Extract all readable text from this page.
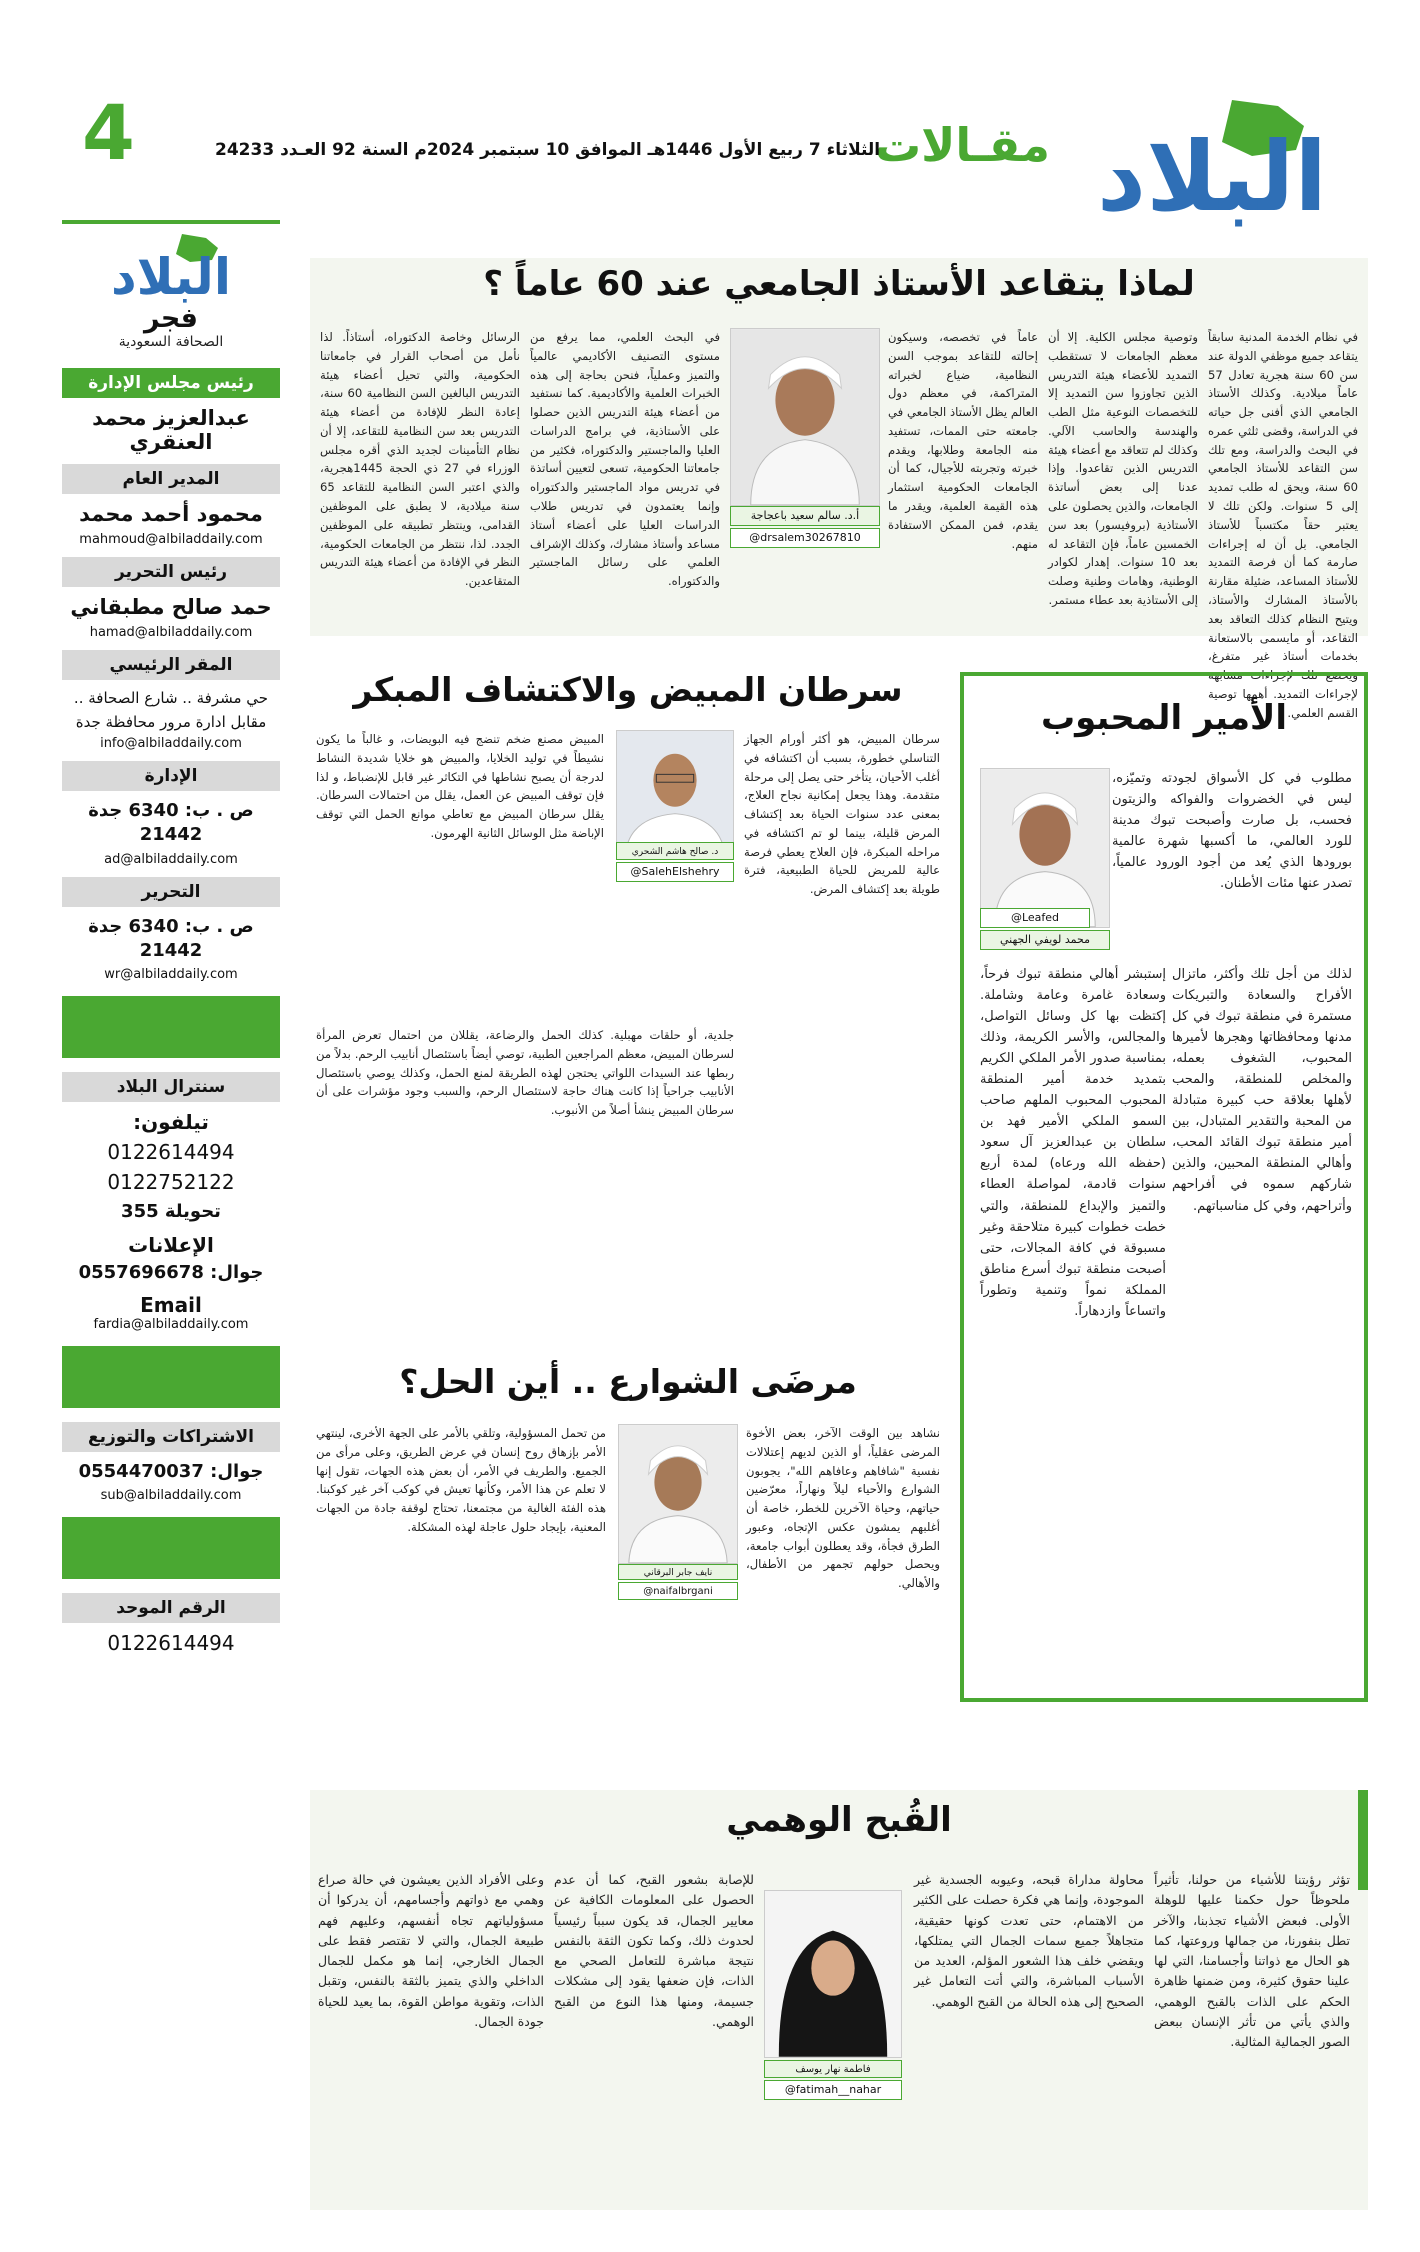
البلاد
مقـالات
الثلاثاء 7 ربيع الأول 1446هـ الموافق 10 سبتمبر 2024م السنة 92 العـدد 24233
4
البلاد
فجر
الصحافة السعودية
رئيس مجلس الإدارة
عبدالعزيز محمد العنقري
المدير العام
محمود أحمد محمد
mahmoud@albiladdaily.com
رئيس التحرير
حمد صالح مطبقاني
hamad@albiladdaily.com
المقر الرئيسي
حي مشرفة .. شارع الصحافة ..
مقابل ادارة مرور محافظة جدة
info@albiladdaily.com
الإدارة
ص . ب: 6340 جدة 21442
ad@albiladdaily.com
التحرير
ص . ب: 6340 جدة 21442
wr@albiladdaily.com
سنترال البلاد
تيلفون:
0122614494
0122752122
تحويلة 355
الإعلانات
جوال: 0557696678
Email
fardia@albiladdaily.com
الاشتراكات والتوزيع
جوال: 0554470037
sub@albiladdaily.com
الرقم الموحد
0122614494
لماذا يتقاعد الأستاذ الجامعي عند 60 عاماً ؟
أ.د. سالم سعيد باعجاجة
@drsalem30267810
في نظام الخدمة المدنية سابقاً يتقاعد جميع موظفي الدولة عند سن 60 سنة هجرية تعادل 57 عاماً ميلادية. وكذلك الأستاذ الجامعي الذي أفنى جل حياته في الدراسة، وقضى ثلثي عمره في البحث والدراسة، ومع تلك سن التقاعد للأستاذ الجامعي 60 سنة، ويحق له طلب تمديد إلى 5 سنوات. ولكن تلك لا يعتبر حقاً مكتسباً للأستاذ الجامعي. بل أن له إجراءات صارمة كما أن فرصة التمديد للأستاذ المساعد، ضئيلة مقارنة بالأستاذ المشارك والأستاذ، ويتيح النظام كذلك التعاقد بعد التقاعد، أو مايسمى بالاستعانة بخدمات أستاذ غير متفرغ، ويخضع تلك لإجراءات مشابهة لإجراءات التمديد. أهمها توصية القسم العلمي.
وتوصية مجلس الكلية. إلا أن معظم الجامعات لا تستقطب التمديد للأعضاء هيئة التدريس الذين تجاوزوا سن التمديد إلا للتخصصات النوعية مثل الطب والهندسة والحاسب الآلي. وكذلك لم تتعاقد مع أعضاء هيئة التدريس الذين تقاعدوا. وإذا عدنا إلى بعض أساتذة الجامعات، والذين يحصلون على الأستاذية (بروفيسور) بعد سن الخمسين عاماً، فإن التقاعد له بعد 10 سنوات. إهدار لكوادر الوطنية، وهامات وطنية وصلت إلى الأستاذية بعد عطاء مستمر.
عاماً في تخصصه، وسيكون إحالته للتقاعد بموجب السن النظامية، ضياع لخبراته المتراكمة، في معظم دول العالم يظل الأستاذ الجامعي في جامعته حتى الممات، تستفيد منه الجامعة وطلابها، ويقدم خبرته وتجربته للأجيال، كما أن الجامعات الحكومية استثمار هذه القيمة العلمية، ويقدر ما يقدم، فمن الممكن الاستفادة منهم.
في البحث العلمي، مما يرفع من مستوى التصنيف الأكاديمي عالمياً والتميز وعملياً، فنحن بحاجة إلى هذه الخبرات العلمية والأكاديمية. كما نستفيد من أعضاء هيئة التدريس الذين حصلوا على الأستاذية، في برامج الدراسات العليا والماجستير والدكتوراه، فكثير من جامعاتنا الحكومية، تسعى لتعيين أساتذة في تدريس مواد الماجستير والدكتوراه وإنما يعتمدون في تدريس طلاب الدراسات العليا على أعضاء أستاذ مساعد وأستاذ مشارك، وكذلك الإشراف العلمي على رسائل الماجستير والدكتوراه.
الرسائل وخاصة الدكتوراه، أستاذاً. لذا نأمل من أصحاب القرار في جامعاتنا الحكومية، والتي تحيل أعضاء هيئة التدريس البالغين السن النظامية 60 سنة، إعادة النظر للإفادة من أعضاء هيئة التدريس بعد سن النظامية للتقاعد، إلا أن نظام التأمينات لجديد الذي أقره مجلس الوزراء في 27 ذي الحجة 1445هجرية، والذي اعتبر السن النظامية للتقاعد 65 سنة ميلادية، لا يطبق على الموظفين القدامى، وينتظر تطبيقه على الموظفين الجدد. لذا، ننتظر من الجامعات الحكومية، النظر في الإفادة من أعضاء هيئة التدريس المتقاعدين.
الأمير المحبوب
محمد لويفي الجهني
@Leafed
مطلوب في كل الأسواق لجودته وتميّزه، ليس في الخضروات والفواكه والزيتون فحسب، بل صارت وأصبحت تبوك مدينة للورد العالمي، ما أكسبها شهرة عالمية بورودها الذي يُعد من أجود الورود عالمياً، تصدر عنها مئات الأطنان.
لذلك من أجل تلك وأكثر، ماتزال الأفراح والسعادة والتبريكات مستمرة في منطقة تبوك في كل مدنها ومحافظاتها وهجرها لأميرها المحبوب، الشغوف بعمله، والمخلص للمنطقة، والمحب لأهلها بعلاقة حب كبيرة متبادلة من المحبة والتقدير المتبادل، بين أمير منطقة تبوك القائد المحب، وأهالي المنطقة المحبين، والذين شاركهم سموه في أفراحهم وأتراحهم، وفي كل مناسباتهم.
إستبشر أهالي منطقة تبوك فرحاً، وسعادة غامرة وعامة وشاملة. إكتظت بها كل وسائل التواصل، والمجالس، والأسر الكريمة، وذلك بمناسبة صدور الأمر الملكي الكريم بتمديد خدمة أمير المنطقة المحبوب المحبوب الملهم صاحب السمو الملكي الأمير فهد بن سلطان بن عبدالعزيز آل سعود (حفظه الله ورعاه) لمدة أربع سنوات قادمة، لمواصلة العطاء والتميز والإبداع للمنطقة، والتي خطت خطوات كبيرة متلاحقة وغير مسبوقة في كافة المجالات، حتى أصبحت منطقة تبوك أسرع مناطق المملكة نمواً وتنمية وتطوراً واتساعاً وازدهاراً.
سرطان المبيض والاكتشاف المبكر
@SalehElshehry
د. صالح هاشم الشحري
سرطان المبيض، هو أكثر أورام الجهاز التناسلي خطورة، بسبب أن اكتشافه في أغلب الأحيان، يتأخر حتى يصل إلى مرحلة متقدمة. وهذا يجعل إمكانية نجاح العلاج، بمعنى عدد سنوات الحياة بعد إكتشاف المرض قليلة، بينما لو تم اكتشافه في مراحله المبكرة، فإن العلاج يعطي فرصة عالية للمريض للحياة الطبيعية، فترة طويلة بعد إكتشاف المرض.
المبيض مصنع ضخم تنضج فيه البويضات، و غالباً ما يكون نشيطاً في توليد الخلايا، والمبيض هو خلايا شديدة النشاط لدرجة أن يصبح نشاطها في التكاثر غير قابل للإنضباط، و لذا فإن توقف المبيض عن العمل، يقلل من احتمالات السرطان. يقلل سرطان المبيض مع تعاطي موانع الحمل التي توقف الإباضة مثل الوسائل الثانية الهرمون.
جلدية، أو حلقات مهبلية. كذلك الحمل والرضاعة، يقللان من احتمال تعرض المرأة لسرطان المبيض، معظم المراجعين الطبية، توصي أيضاً باستئصال أنابيب الرحم. بدلاً من ربطها عند السيدات اللواتي يحتجن لهذه الطريقة لمنع الحمل، وكذلك يوصي باستئصال الأنابيب جراحياً إذا كانت هناك حاجة لاستئصال الرحم، والسبب وجود مؤشرات على أن سرطان المبيض ينشأ أصلاً من الأنبوب.
مرضَى الشوارع .. أين الحل؟
نايف جابر البرقاني
@naifalbrgani
نشاهد بين الوقت الآخر، بعض الأخوة المرضى عقلياً، أو الذين لديهم إعتلالات نفسية "شافاهم وعافاهم الله"، يجوبون الشوارع والأحياء ليلاً ونهاراً، معرّضين حياتهم، وحياة الآخرين للخطر، خاصة أن أغلبهم يمشون عكس الإتجاه، وعبور الطرق فجأة، وقد يعطلون أبواب جامعة، ويحصل حولهم تجمهر من الأطفال، والأهالي.
من تحمل المسؤولية، وتلقي بالأمر على الجهة الأخرى، لينتهي الأمر بإزهاق روح إنسان في عرض الطريق، وعلى مرأى من الجميع. والطريف في الأمر، أن بعض هذه الجهات، تقول إنها لا تعلم عن هذا الأمر، وكأنها تعيش في كوكب آخر غير كوكبنا. هذه الفئة الغالية من مجتمعنا، تحتاج لوقفة جادة من الجهات المعنية، بإيجاد حلول عاجلة لهذه المشكلة.
القُبح الوهمي
فاطمة نهار يوسف
@fatimah__nahar
تؤثر رؤيتنا للأشياء من حولنا، تأثيراً ملحوظاً حول حكمنا عليها للوهلة الأولى. فبعض الأشياء تجذبنا، والآخر تطل بنفورنا، من جمالها وروعتها، كما هو الحال مع ذواتنا وأجسامنا، التي لها علينا حقوق كثيرة، ومن ضمنها ظاهرة الحكم على الذات بالقبح الوهمي، والذي يأتي من تأثر الإنسان ببعض الصور الجمالية المثالية.
محاولة مداراة قبحه، وعيوبه الجسدية غير الموجودة، وإنما هي فكرة حصلت على الكثير من الاهتمام، حتى تعدت كونها حقيقية، متجاهلاً جميع سمات الجمال التي يمتلكها، ويقضي خلف هذا الشعور المؤلم، العديد من الأسباب المباشرة، والتي أتت التعامل غير الصحيح إلى هذه الحالة من القبح الوهمي.
للإصابة بشعور القبح، كما أن عدم الحصول على المعلومات الكافية عن معايير الجمال، قد يكون سبباً رئيسياً لحدوث ذلك، وكما تكون الثقة بالنفس نتيجة مباشرة للتعامل الصحي مع الذات، فإن ضعفها يقود إلى مشكلات جسيمة، ومنها هذا النوع من القبح الوهمي.
وعلى الأفراد الذين يعيشون في حالة صراع وهمي مع ذواتهم وأجسامهم، أن يدركوا أن مسؤولياتهم تجاه أنفسهم، وعليهم فهم طبيعة الجمال، والتي لا تقتصر فقط على الجمال الخارجي، إنما هو مكمل للجمال الداخلي والذي يتميز بالثقة بالنفس، وتقبل الذات، وتقوية مواطن القوة، بما يعيد للحياة جودة الجمال.
